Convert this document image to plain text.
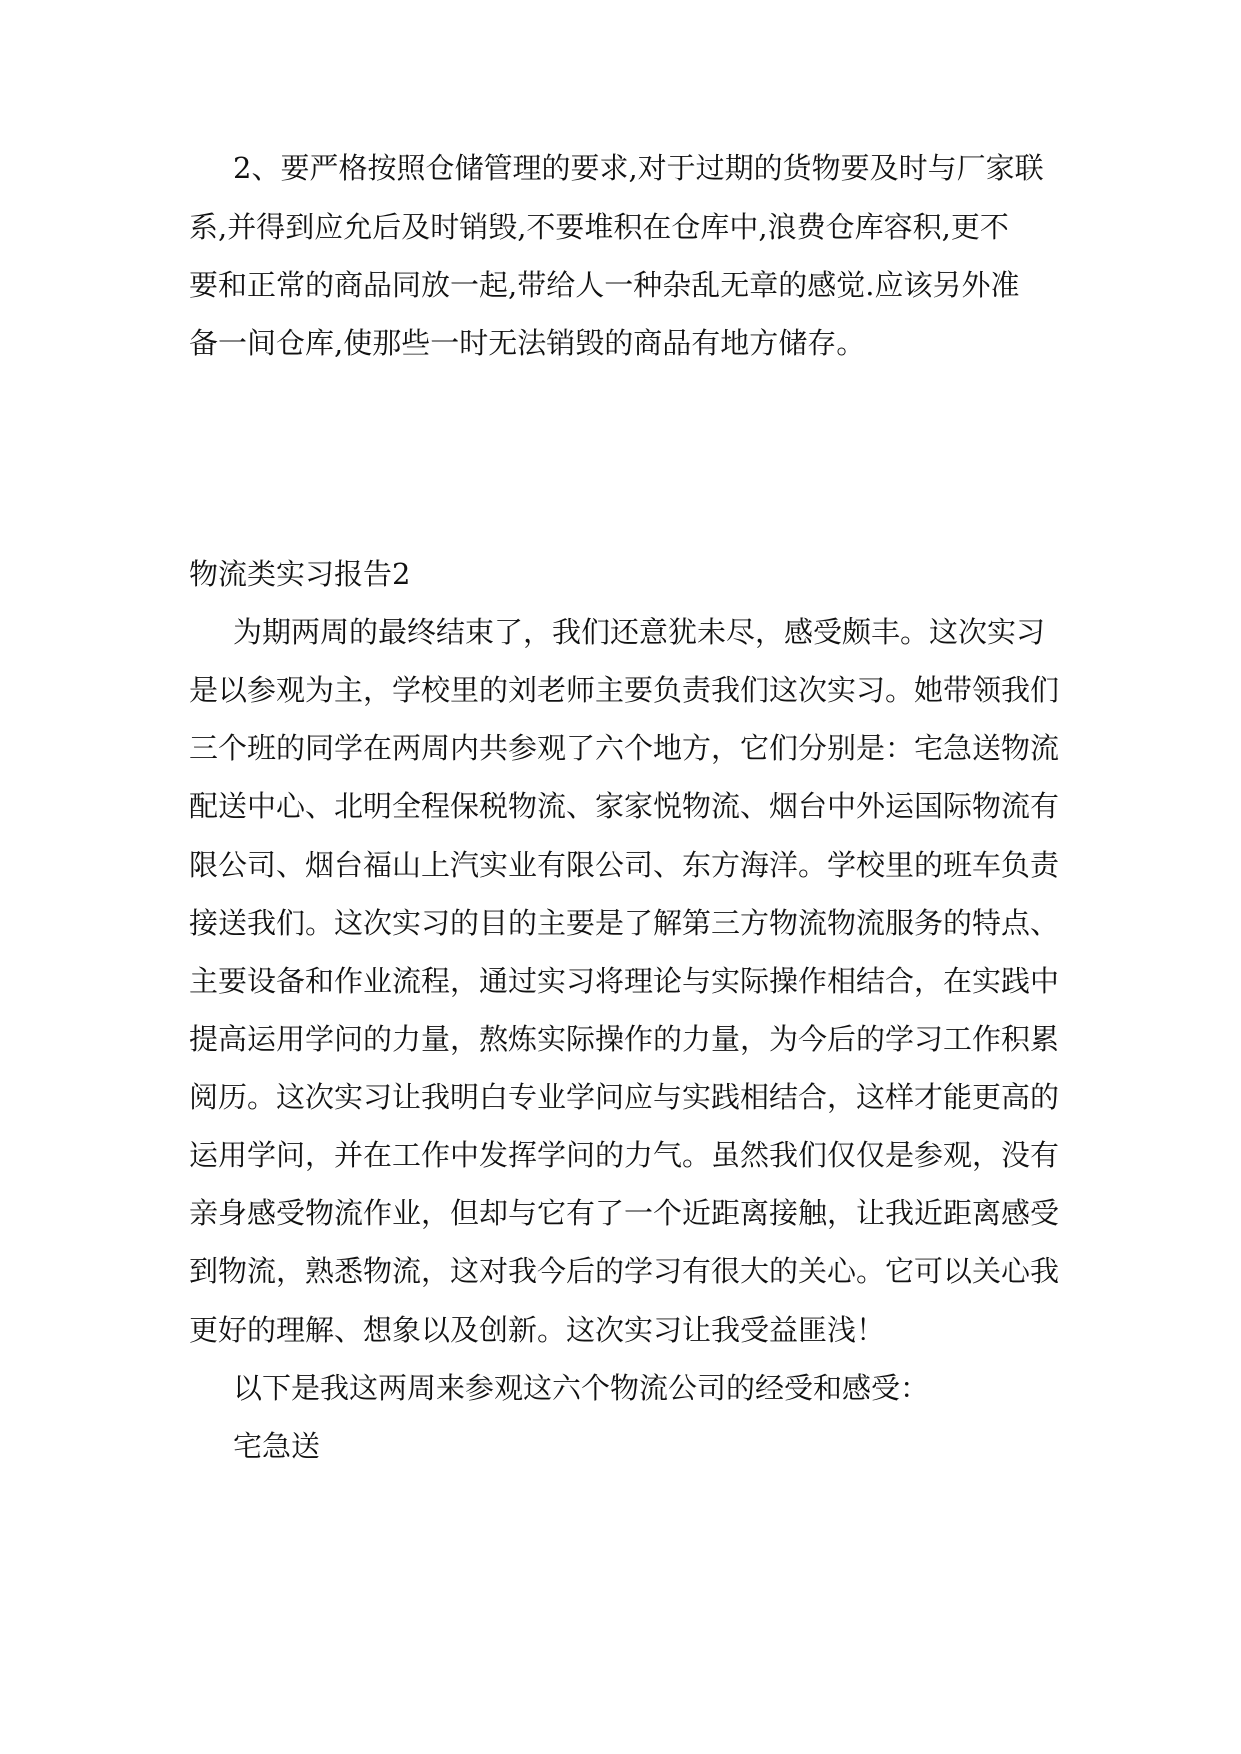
2、要严格按照仓储管理的要求,对于过期的货物要及时与厂家联
系,并得到应允后及时销毁,不要堆积在仓库中,浪费仓库容积,更不
要和正常的商品同放一起,带给人一种杂乱无章的感觉.应该另外准
备一间仓库,使那些一时无法销毁的商品有地方储存。
物流类实习报告2
为期两周的最终结束了，我们还意犹未尽，感受颇丰。这次实习
是以参观为主，学校里的刘老师主要负责我们这次实习。她带领我们
三个班的同学在两周内共参观了六个地方，它们分别是：宅急送物流
配送中心、北明全程保税物流、家家悦物流、烟台中外运国际物流有
限公司、烟台福山上汽实业有限公司、东方海洋。学校里的班车负责
接送我们。这次实习的目的主要是了解第三方物流物流服务的特点、
主要设备和作业流程，通过实习将理论与实际操作相结合，在实践中
提高运用学问的力量，熬炼实际操作的力量，为今后的学习工作积累
阅历。这次实习让我明白专业学问应与实践相结合，这样才能更高的
运用学问，并在工作中发挥学问的力气。虽然我们仅仅是参观，没有
亲身感受物流作业，但却与它有了一个近距离接触，让我近距离感受
到物流，熟悉物流，这对我今后的学习有很大的关心。它可以关心我
更好的理解、想象以及创新。这次实习让我受益匪浅！
以下是我这两周来参观这六个物流公司的经受和感受：
宅急送
